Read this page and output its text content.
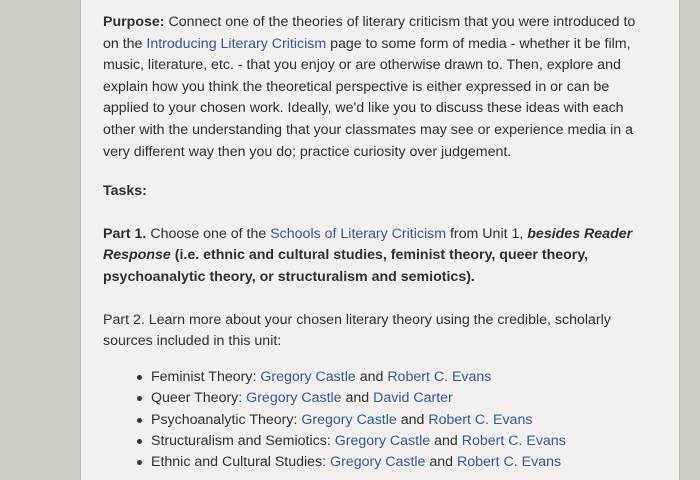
Purpose: Connect one of the theories of literary criticism that you were introduced to on the Introducing Literary Criticism page to some form of media - whether it be film, music, literature, etc. - that you enjoy or are otherwise drawn to. Then, explore and explain how you think the theoretical perspective is either expressed in or can be applied to your chosen work. Ideally, we'd like you to discuss these ideas with each other with the understanding that your classmates may see or experience media in a very different way then you do; practice curiosity over judgement.

Tasks:

Part 1. Choose one of the Schools of Literary Criticism from Unit 1, besides Reader Response (i.e. ethnic and cultural studies, feminist theory, queer theory, psychoanalytic theory, or structuralism and semiotics).

Part 2. Learn more about your chosen literary theory using the credible, scholarly sources included in this unit:

Feminist Theory: Gregory Castle and Robert C. Evans
Queer Theory: Gregory Castle and David Carter
Psychoanalytic Theory: Gregory Castle and Robert C. Evans
Structuralism and Semiotics: Gregory Castle and Robert C. Evans
Ethnic and Cultural Studies: Gregory Castle and Robert C. Evans
